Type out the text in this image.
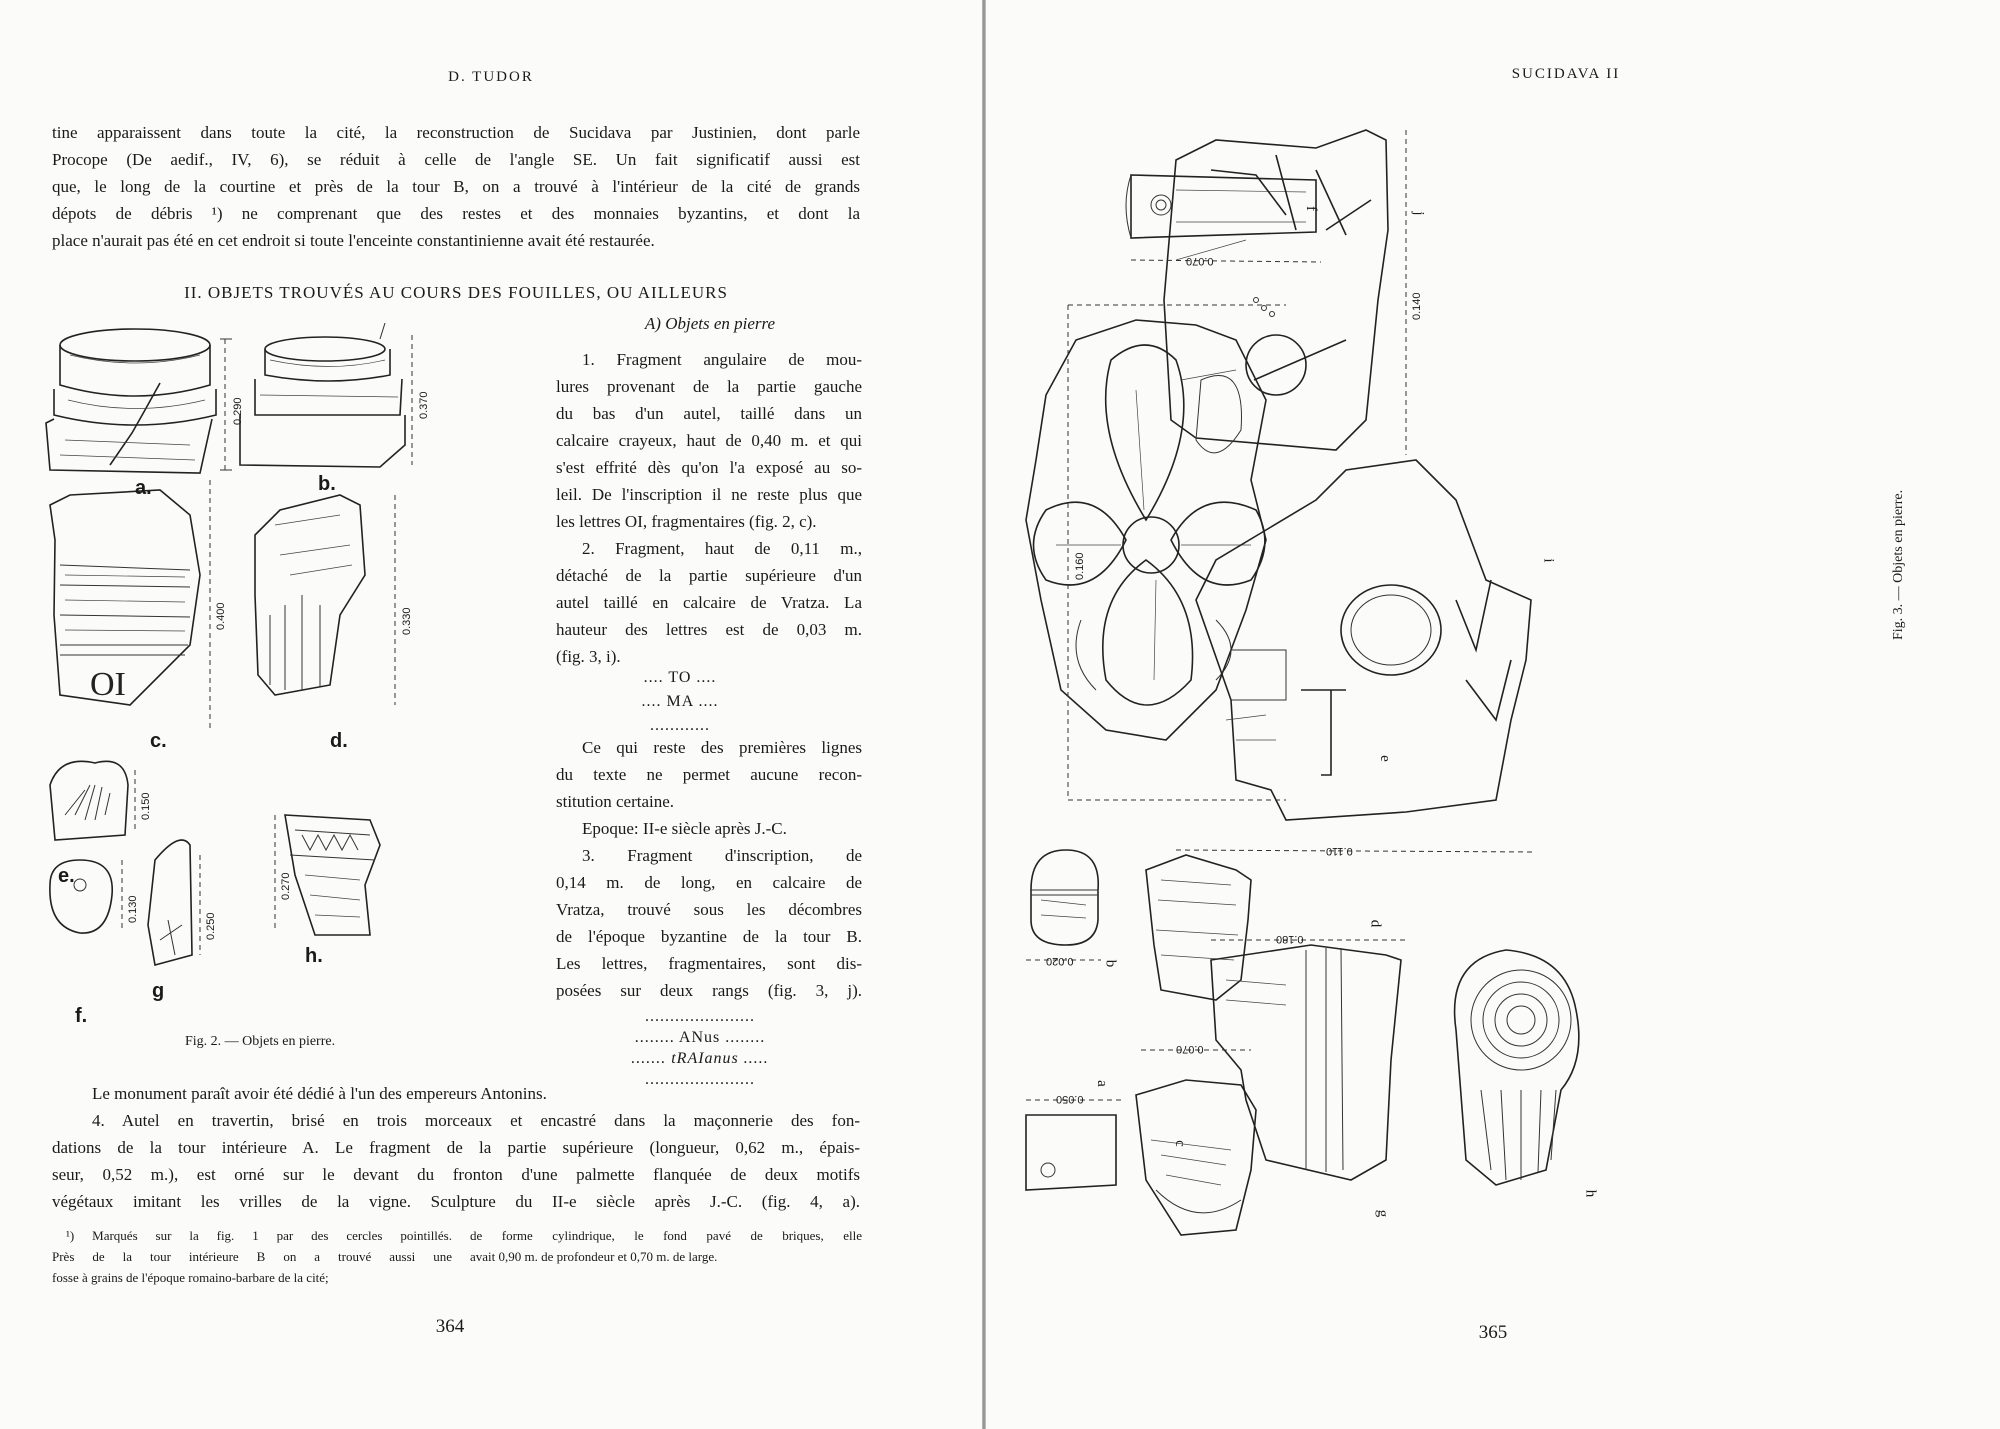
D. TUDOR
tine apparaissent dans toute la cité, la reconstruction de Sucidava par Justinien, dont parle
Procope (De aedif., IV, 6), se réduit à celle de l'angle SE. Un fait significatif aussi est
que, le long de la courtine et près de la tour B, on a trouvé à l'intérieur de la cité de grands
dépots de débris ¹) ne comprenant que des restes et des monnaies byzantins, et dont la
place n'aurait pas été en cet endroit si toute l'enceinte constantinienne avait été restaurée.
II. OBJETS TROUVÉS AU COURS DES FOUILLES, OU AILLEURS
A) Objets en pierre
1. Fragment angulaire de mou-
lures provenant de la partie gauche
du bas d'un autel, taillé dans un
calcaire crayeux, haut de 0,40 m. et qui
s'est effrité dès qu'on l'a exposé au so-
leil. De l'inscription il ne reste plus que
les lettres OI, fragmentaires (fig. 2, c).
2. Fragment, haut de 0,11 m.,
détaché de la partie supérieure d'un
autel taillé en calcaire de Vratza. La
hauteur des lettres est de 0,03 m.
(fig. 3, i).
.... TO ....
.... MA ....
............
Ce qui reste des premières lignes
du texte ne permet aucune recon-
stitution certaine.
Epoque: II-e siècle après J.-C.
3. Fragment d'inscription, de
0,14 m. de long, en calcaire de
Vratza, trouvé sous les décombres
de l'époque byzantine de la tour B.
Les lettres, fragmentaires, sont dis-
posées sur deux rangs (fig. 3, j).
......................
........ ANus ........
....... tRAIanus .....
......................
Fig. 2. — Objets en pierre.
OI
a.	b.
c.	d.
e.
f.
g
h.
0.290	0.370
0.400	0.330
0.150
0.130
0.250
0.270
Le monument paraît avoir été dédié à l'un des empereurs Antonins.
4. Autel en travertin, brisé en trois morceaux et encastré dans la maçonnerie des fon-
dations de la tour intérieure A. Le fragment de la partie supérieure (longueur, 0,62 m., épais-
seur, 0,52 m.), est orné sur le devant du fronton d'une palmette flanquée de deux motifs
végétaux imitant les vrilles de la vigne. Sculpture du II-e siècle après J.-C. (fig. 4, a).
¹) Marqués sur la fig. 1 par des cercles pointillés.
Près de la tour intérieure B on a trouvé aussi une
fosse à grains de l'époque romaino-barbare de la cité;
de forme cylindrique, le fond pavé de briques, elle
avait 0,90 m. de profondeur et 0,70 m. de large.
364
SUCIDAVA II
f
j
e
i
b
d
g
h
a
c
0.070
0.140
0.160
0.110
0.020
0.180
0.070
0.050
Fig. 3. — Objets en pierre.
365
